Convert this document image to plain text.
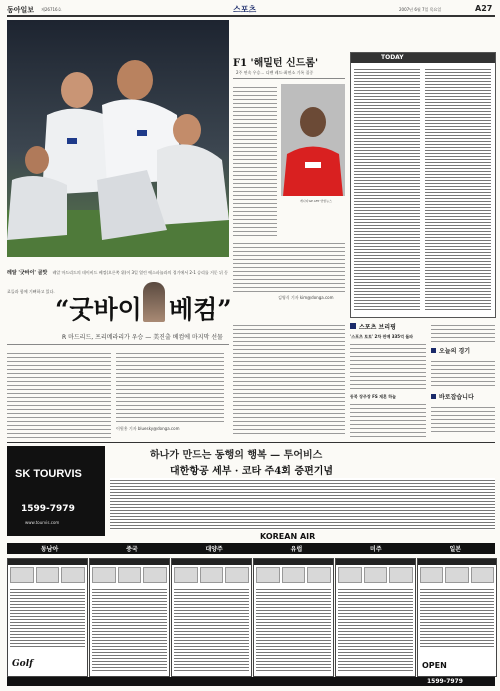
동아일보 제26716호	스포츠	2007년 6월 7일 목요일	A27
레알 '굿바이' 골맛 레알 마드리드의 데이비드 베컴(오른쪽 위)이 3일 열린 에스파뇰과의 경기에서 2-1 승리를 거둔 뒤 동료들과 함께 기뻐하고 있다.
“굿바이 베컴”
R 마드리드, 프리메라리가 우승 — 美진출 베컴에 마지막 선물
이원홍 기자 bluesky@donga.com
F1 '해밀턴 신드롬'
2주 연속 우승… 디펜 레드·최연소 기록 집중
캐나다GP AFP 연합뉴스
김영식 기자 kim@donga.com
TODAY
스포츠 브리핑
'스포츠 토토' 2차 판매 335억 돌파
동북 장주장 FS 재혼 하늘
오늘의 경기
바로잡습니다
SK TOURVIS
1599-7979
www.tourvis.com
하나가 만드는 동행의 행복 — 투어비스
대한항공 세부 · 코타 주4회 증편기념
KOREAN AIR
동남아	중국	대양주	유럽	미주	일본
Golf	OPEN
1599-7979
